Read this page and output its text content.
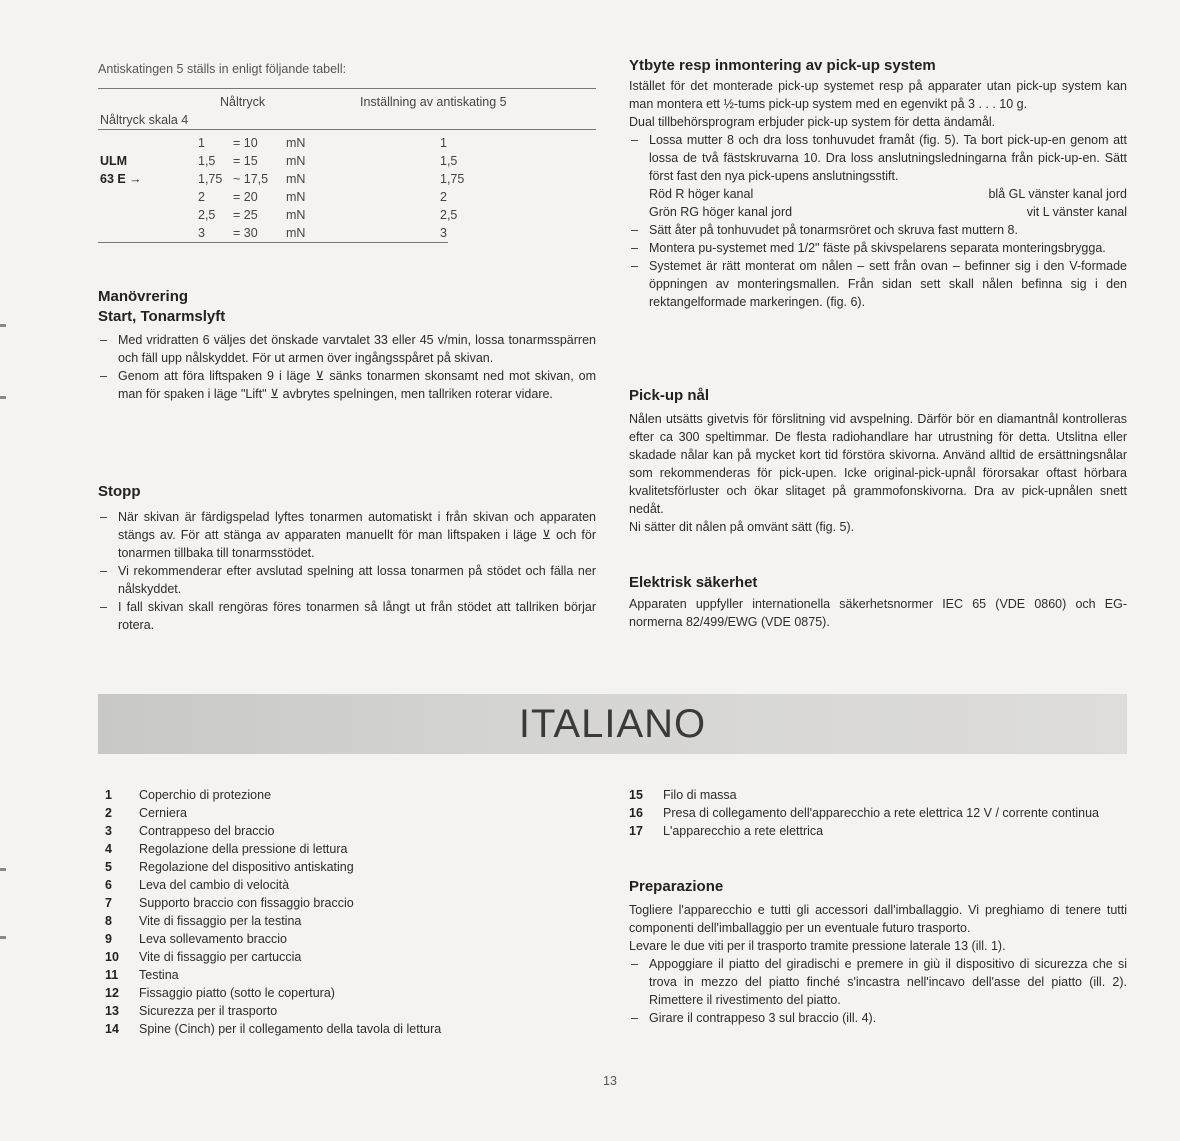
Antiskatingen 5 ställs in enligt följande tabell:

Nåltryck	Inställning av antiskating 5
Nåltryck skala 4
1 = 10 mN	1
ULM	1,5 = 15 mN	1,5
63 E →	1,75 ~ 17,5 mN	1,75
2 = 20 mN	2
2,5 = 25 mN	2,5
3 = 30 mN	3
Manövrering
Start, Tonarmslyft
– Med vridratten 6 väljes det önskade varvtalet 33 eller 45 v/min, lossa tonarmsspärren och fäll upp nålskyddet. För ut armen över ingångsspåret på skivan.
– Genom att föra liftspaken 9 i läge ⊻ sänks tonarmen skonsamt ned mot skivan, om man för spaken i läge "Lift" ⊻ avbrytes spelningen, men tallriken roterar vidare.
Stopp
– När skivan är färdigspelad lyftes tonarmen automatiskt i från skivan och apparaten stängs av. För att stänga av apparaten manuellt för man liftspaken i läge ⊻ och för tonarmen tillbaka till tonarmsstödet.
– Vi rekommenderar efter avslutad spelning att lossa tonarmen på stödet och fälla ner nålskyddet.
– I fall skivan skall rengöras föres tonarmen så långt ut från stödet att tallriken börjar rotera.
Ytbyte resp inmontering av pick-up system

Istället för det monterade pick-up systemet resp på apparater utan pick-up system kan man montera ett ½-tums pick-up system med en egenvikt på 3 . . . 10 g.

Dual tillbehörsprogram erbjuder pick-up system för detta ändamål.

– Lossa mutter 8 och dra loss tonhuvudet framåt (fig. 5). Ta bort pick-up-en genom att lossa de två fästskruvarna 10. Dra loss anslutningsledningarna från pick-up-en. Sätt först fast den nya pick-upens anslutningsstift.
Röd R höger kanal	blå GL vänster kanal jord
Grön RG höger kanal jord	vit L vänster kanal
– Sätt åter på tonhuvudet på tonarmsröret och skruva fast muttern 8.
– Montera pu-systemet med 1/2" fäste på skivspelarens separata monteringsbrygga.
– Systemet är rätt monterat om nålen – sett från ovan – befinner sig i den V-formade öppningen av monteringsmallen. Från sidan sett skall nålen befinna sig i den rektangelformade markeringen. (fig. 6).
Pick-up nål

Nålen utsätts givetvis för förslitning vid avspelning. Därför bör en diamantnål kontrolleras efter ca 300 speltimmar. De flesta radiohandlare har utrustning för detta. Utslitna eller skadade nålar kan på mycket kort tid förstöra skivorna. Använd alltid de ersättningsnålar som rekommenderas för pick-upen. Icke original-pick-upnål förorsakar oftast hörbara kvalitetsförluster och ökar slitaget på grammofonskivorna. Dra av pick-upnålen snett nedåt.

Ni sätter dit nålen på omvänt sätt (fig. 5).

Elektrisk säkerhet

Apparaten uppfyller internationella säkerhetsnormer IEC 65 (VDE 0860) och EG-normerna 82/499/EWG (VDE 0875).

ITALIANO
1	Coperchio di protezione
2	Cerniera
3	Contrappeso del braccio
4	Regolazione della pressione di lettura
5	Regolazione del dispositivo antiskating
6	Leva del cambio di velocità
7	Supporto braccio con fissaggio braccio
8	Vite di fissaggio per la testina
9	Leva sollevamento braccio
10	Vite di fissaggio per cartuccia
11	Testina
12	Fissaggio piatto (sotto le copertura)
13	Sicurezza per il trasporto
14	Spine (Cinch) per il collegamento della tavola di lettura
15	Filo di massa
16	Presa di collegamento dell'apparecchio a rete elettrica 12 V / corrente continua
17	L'apparecchio a rete elettrica
Preparazione

Togliere l'apparecchio e tutti gli accessori dall'imballaggio. Vi preghiamo di tenere tutti componenti dell'imballaggio per un eventuale futuro trasporto.

Levare le due viti per il trasporto tramite pressione laterale 13 (ill. 1).

– Appoggiare il piatto del giradischi e premere in giù il dispositivo di sicurezza che si trova in mezzo del piatto finché s'incastra nell'incavo dell'asse del piatto (ill. 2). Rimettere il rivestimento del piatto.
– Girare il contrappeso 3 sul braccio (ill. 4).
13
